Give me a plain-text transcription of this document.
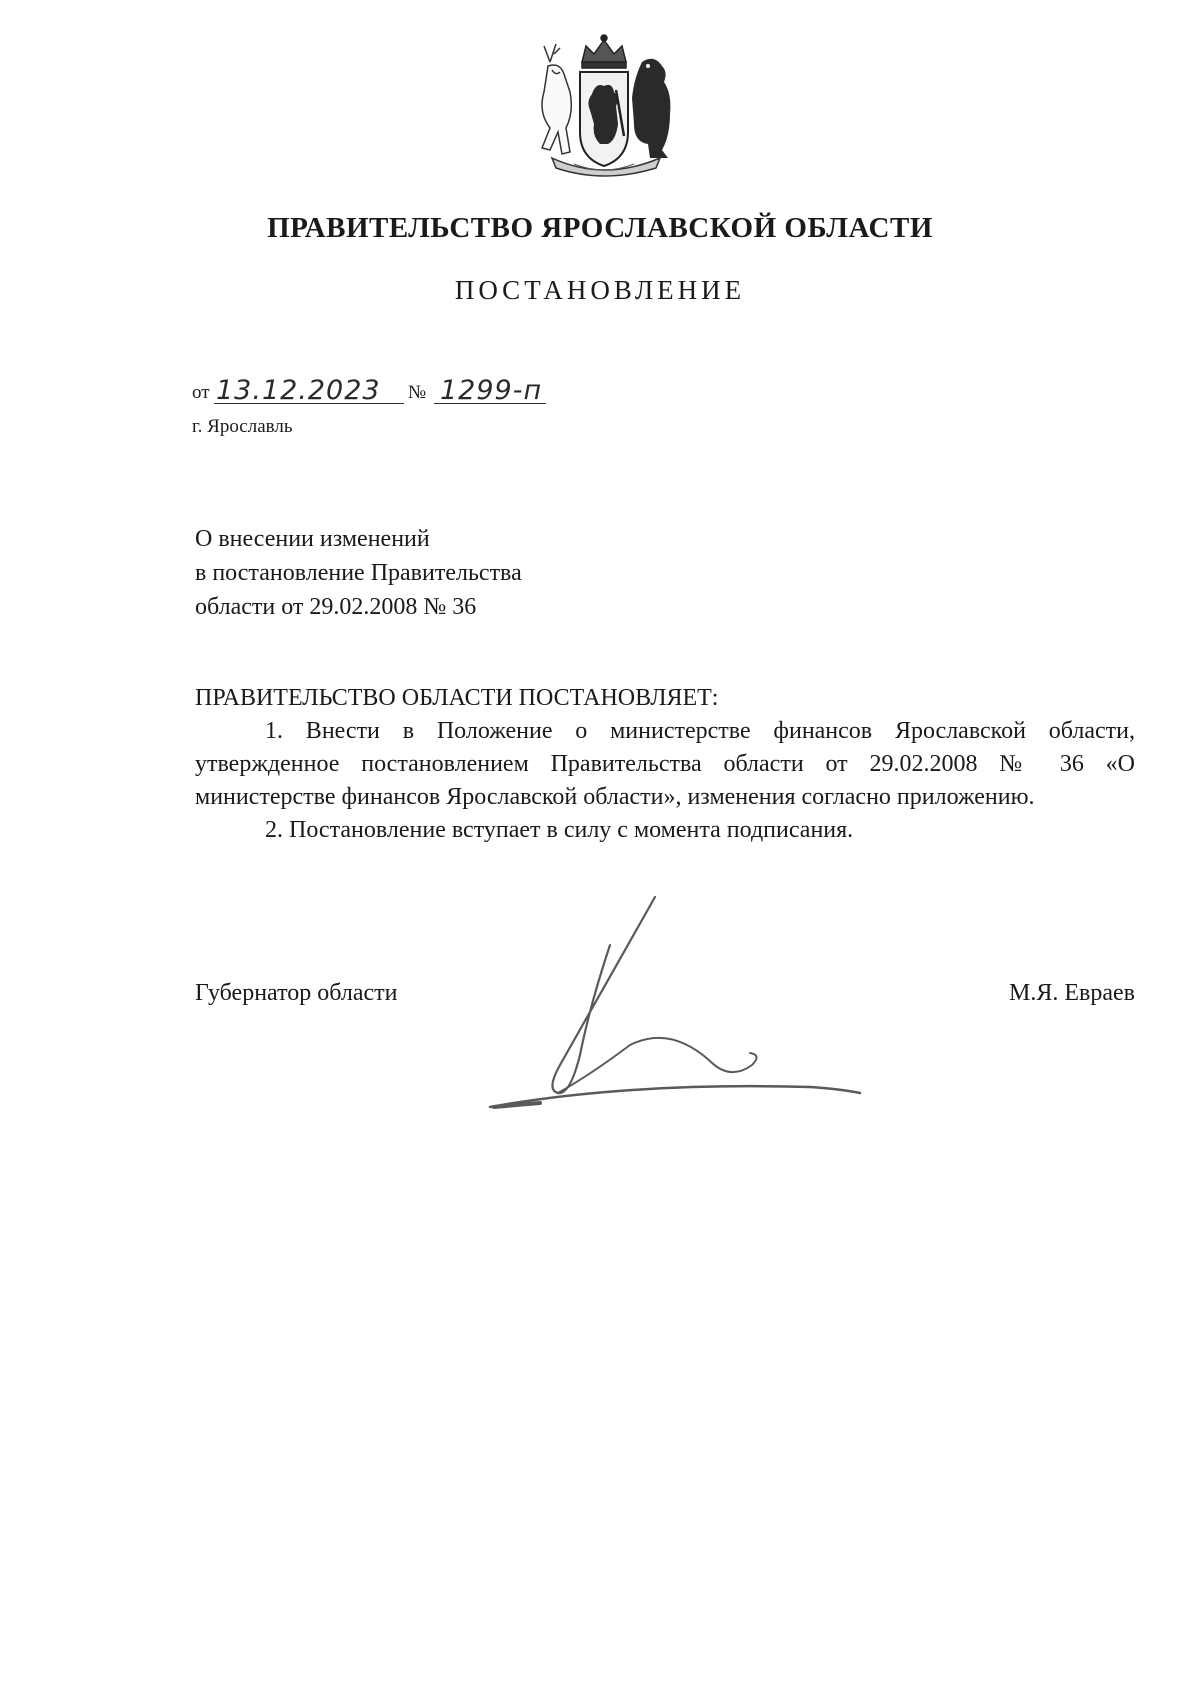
ПРАВИТЕЛЬСТВО ЯРОСЛАВСКОЙ ОБЛАСТИ
ПОСТАНОВЛЕНИЕ
от 13.12.2023 № 1299-п
г. Ярославль
О внесении изменений
в постановление Правительства
области от 29.02.2008 № 36
ПРАВИТЕЛЬСТВО ОБЛАСТИ ПОСТАНОВЛЯЕТ:

1. Внести в Положение о министерстве финансов Ярославской области, утвержденное постановлением Правительства области от 29.02.2008 № 36 «О министерстве финансов Ярославской области», изменения согласно приложению.

2. Постановление вступает в силу с момента подписания.

Губернатор области	М.Я. Евраев
